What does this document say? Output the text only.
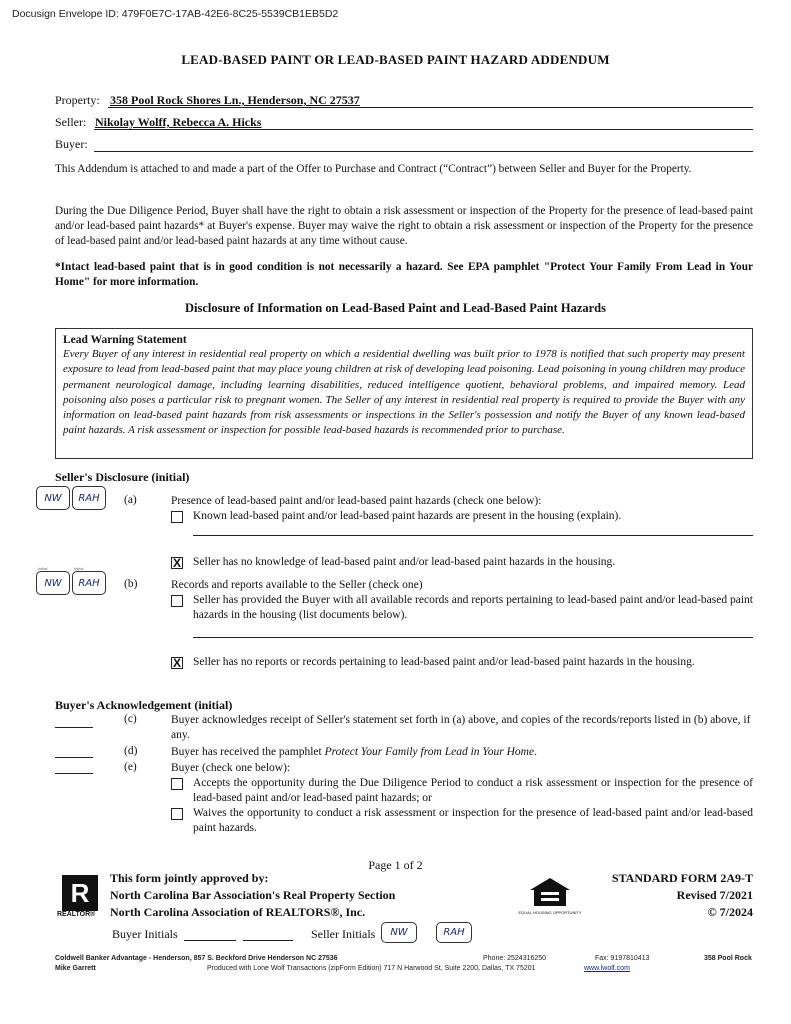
Docusign Envelope ID: 479F0E7C-17AB-42E6-8C25-5539CB1EB5D2
LEAD-BASED PAINT OR LEAD-BASED PAINT HAZARD ADDENDUM
Property: 358 Pool Rock Shores Ln., Henderson, NC 27537
Seller: Nikolay Wolff, Rebecca A. Hicks
Buyer:
This Addendum is attached to and made a part of the Offer to Purchase and Contract (“Contract”) between Seller and Buyer for the Property.
During the Due Diligence Period, Buyer shall have the right to obtain a risk assessment or inspection of the Property for the presence of lead-based paint and/or lead-based paint hazards* at Buyer's expense. Buyer may waive the right to obtain a risk assessment or inspection of the Property for the presence of lead-based paint and/or lead-based paint hazards at any time without cause.
*Intact lead-based paint that is in good condition is not necessarily a hazard. See EPA pamphlet "Protect Your Family From Lead in Your Home" for more information.
Disclosure of Information on Lead-Based Paint and Lead-Based Paint Hazards
Lead Warning Statement
Every Buyer of any interest in residential real property on which a residential dwelling was built prior to 1978 is notified that such property may present exposure to lead from lead-based paint that may place young children at risk of developing lead poisoning. Lead poisoning in young children may produce permanent neurological damage, including learning disabilities, reduced intelligence quotient, behavioral problems, and impaired memory. Lead poisoning also poses a particular risk to pregnant women. The Seller of any interest in residential real property is required to provide the Buyer with any information on lead-based paint hazards from risk assessments or inspections in the Seller's possession and notify the Buyer of any known lead-based paint hazards. A risk assessment or inspection for possible lead-based hazards is recommended prior to purchase.
Seller's Disclosure (initial)
NW	RAH	(a)	Presence of lead-based paint and/or lead-based paint hazards (check one below):
Known lead-based paint and/or lead-based paint hazards are present in the housing (explain).
X Seller has no knowledge of lead-based paint and/or lead-based paint hazards in the housing.
Initial	Initial
NW	RAH	(b)	Records and reports available to the Seller (check one)
Seller has provided the Buyer with all available records and reports pertaining to lead-based paint and/or lead-based paint hazards in the housing (list documents below).
X Seller has no reports or records pertaining to lead-based paint and/or lead-based paint hazards in the housing.
Buyer's Acknowledgement (initial)
(c)	Buyer acknowledges receipt of Seller's statement set forth in (a) above, and copies of the records/reports listed in (b) above, if any.
(d)	Buyer has received the pamphlet Protect Your Family from Lead in Your Home.
(e)	Buyer (check one below):
Accepts the opportunity during the Due Diligence Period to conduct a risk assessment or inspection for the presence of lead-based paint and/or lead-based paint hazards; or
Waives the opportunity to conduct a risk assessment or inspection for the presence of lead-based paint and/or lead-based paint hazards.
Page 1 of 2
R
REALTOR®
This form jointly approved by:
North Carolina Bar Association's Real Property Section
North Carolina Association of REALTORS®, Inc.	EQUAL HOUSING OPPORTUNITY
STANDARD FORM 2A9-T
Revised 7/2021
© 7/2024
Buyer Initials	Seller Initials	NW	RAH
Coldwell Banker Advantage - Henderson, 857 S. Beckford Drive Henderson NC 27536	Phone: 2524316250	Fax: 9197810413	358 Pool Rock
Mike Garrett	Produced with Lone Wolf Transactions (zipForm Edition) 717 N Harwood St, Suite 2200, Dallas, TX 75201	www.lwolf.com
